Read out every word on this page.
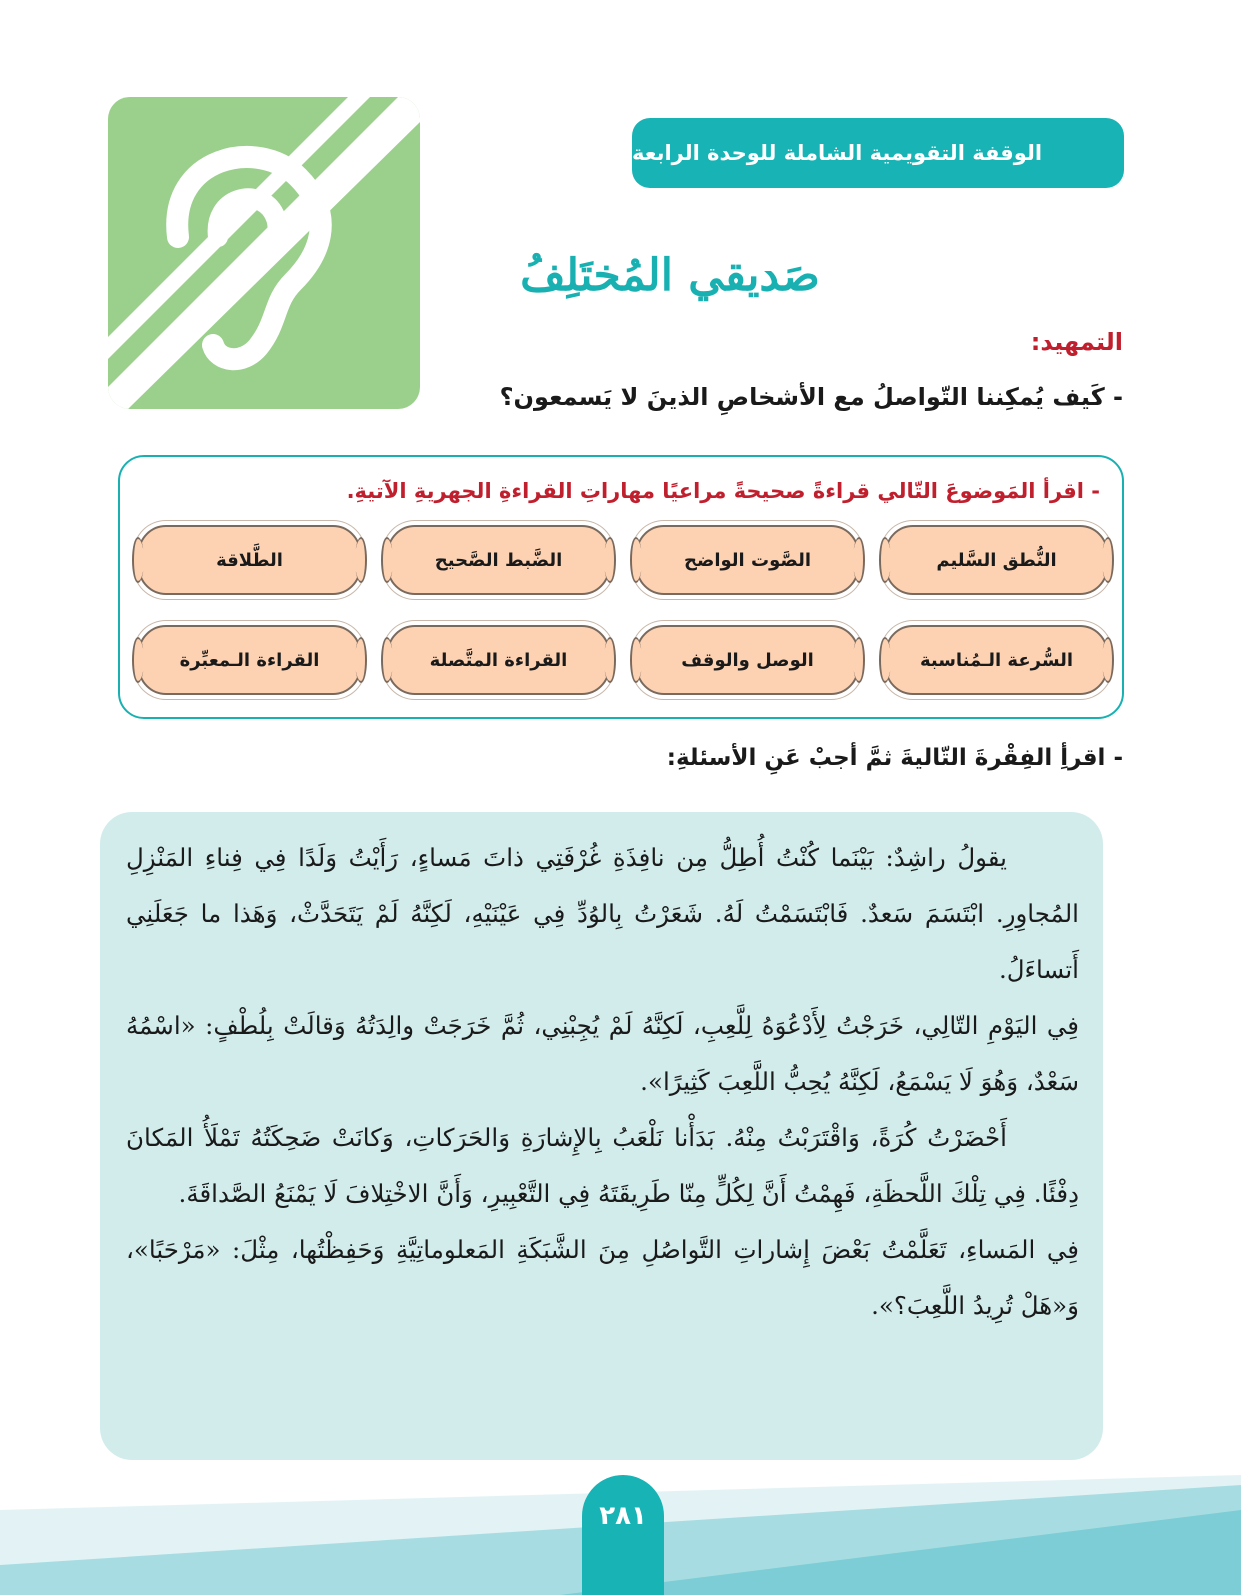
الوقفة التقويمية الشاملة للوحدة الرابعة
صَديقي المُختَلِفُ
التمهيد:
- كَيف يُمكِننا التّواصلُ مع الأشخاصِ الذينَ لا يَسمعون؟
- اقرأ المَوضوعَ التّالي قراءةً صحيحةً مراعيًا مهاراتِ القراءةِ الجهريةِ الآتيةِ.
النُّطق السَّليم
الصَّوت الواضح
الضَّبط الصَّحيح
الطَّلاقة
السُّرعة الـمُناسبة
الوصل والوقف
القراءة المتَّصلة
القراءة الـمعبِّرة
- اقرأِ الفِقْرةَ التّاليةَ ثمَّ أجبْ عَنِ الأسئلةِ:

يقولُ راشِدٌ: بَيْنَما كُنْتُ أُطِلُّ مِن نافِذَةِ غُرْفَتِي ذاتَ مَساءٍ، رَأَيْتُ وَلَدًا فِي فِناءِ المَنْزِلِ المُجاوِرِ. ابْتَسَمَ سَعدٌ. فَابْتَسَمْتُ لَهُ. شَعَرْتُ بِالوُدِّ فِي عَيْنَيْهِ، لَكِنَّهُ لَمْ يَتَحَدَّثْ، وَهَذا ما جَعَلَنِي أَتساءَلُ.

فِي اليَوْمِ التّالِي، خَرَجْتُ لِأَدْعُوَهُ لِلَّعِبِ، لَكِنَّهُ لَمْ يُجِبْنِي، ثُمَّ خَرَجَتْ والِدَتُهُ وَقالَتْ بِلُطْفٍ: «اسْمُهُ سَعْدٌ، وَهُوَ لَا يَسْمَعُ، لَكِنَّهُ يُحِبُّ اللَّعِبَ كَثِيرًا».

أَحْضَرْتُ كُرَةً، وَاقْتَرَبْتُ مِنْهُ. بَدَأْنا نَلْعَبُ بِالإِشارَةِ وَالحَرَكاتِ، وَكانَتْ ضَحِكَتُهُ تَمْلَأُ المَكانَ دِفْئًا. فِي تِلْكَ اللَّحظَةِ، فَهِمْتُ أَنَّ لِكُلٍّ مِنّا طَرِيقَتَهُ فِي التَّعْبِيرِ، وَأَنَّ الاخْتِلافَ لَا يَمْنَعُ الصَّداقَةَ.

فِي المَساءِ، تَعَلَّمْتُ بَعْضَ إِشاراتِ التَّواصُلِ مِنَ الشَّبَكَةِ المَعلوماتِيَّةِ وَحَفِظْتُها، مِثْلَ: «مَرْحَبًا»، وَ«هَلْ تُرِيدُ اللَّعِبَ؟».

٢٨١
